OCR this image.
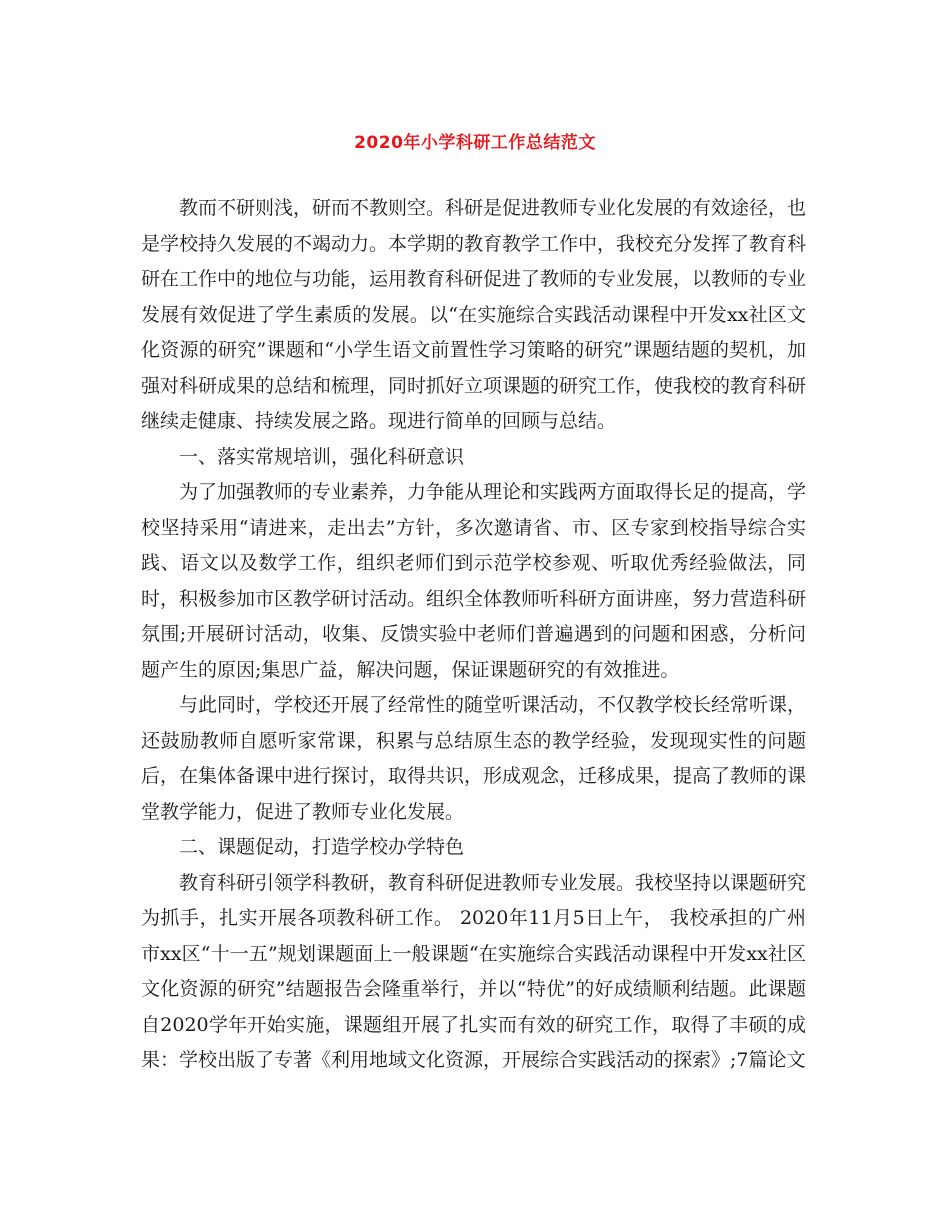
2020年小学科研工作总结范文

教而不研则浅，研而不教则空。科研是促进教师专业化发展的有效途径，也是学校持久发展的不竭动力。本学期的教育教学工作中，我校充分发挥了教育科研在工作中的地位与功能，运用教育科研促进了教师的专业发展，以教师的专业发展有效促进了学生素质的发展。以“在实施综合实践活动课程中开发xx社区文化资源的研究”课题和“小学生语文前置性学习策略的研究”课题结题的契机，加强对科研成果的总结和梳理，同时抓好立项课题的研究工作，使我校的教育科研继续走健康、持续发展之路。现进行简单的回顾与总结。

一、落实常规培训，强化科研意识

为了加强教师的专业素养，力争能从理论和实践两方面取得长足的提高，学校坚持采用“请进来，走出去”方针，多次邀请省、市、区专家到校指导综合实践、语文以及数学工作，组织老师们到示范学校参观、听取优秀经验做法，同时，积极参加市区教学研讨活动。组织全体教师听科研方面讲座，努力营造科研氛围;开展研讨活动，收集、反馈实验中老师们普遍遇到的问题和困惑，分析问题产生的原因;集思广益，解决问题，保证课题研究的有效推进。

与此同时，学校还开展了经常性的随堂听课活动，不仅教学校长经常听课，还鼓励教师自愿听家常课，积累与总结原生态的教学经验，发现现实性的问题后，在集体备课中进行探讨，取得共识，形成观念，迁移成果，提高了教师的课堂教学能力，促进了教师专业化发展。

二、课题促动，打造学校办学特色

教育科研引领学科教研，教育科研促进教师专业发展。我校坚持以课题研究为抓手，扎实开展各项教科研工作。 2020年11月5日上午， 我校承担的广州市xx区“十一五”规划课题面上一般课题“在实施综合实践活动课程中开发xx社区文化资源的研究”结题报告会隆重举行，并以“特优”的好成绩顺利结题。此课题自2020学年开始实施，课题组开展了扎实而有效的研究工作，取得了丰硕的成果：学校出版了专著《利用地域文化资源，开展综合实践活动的探索》;7篇论文
